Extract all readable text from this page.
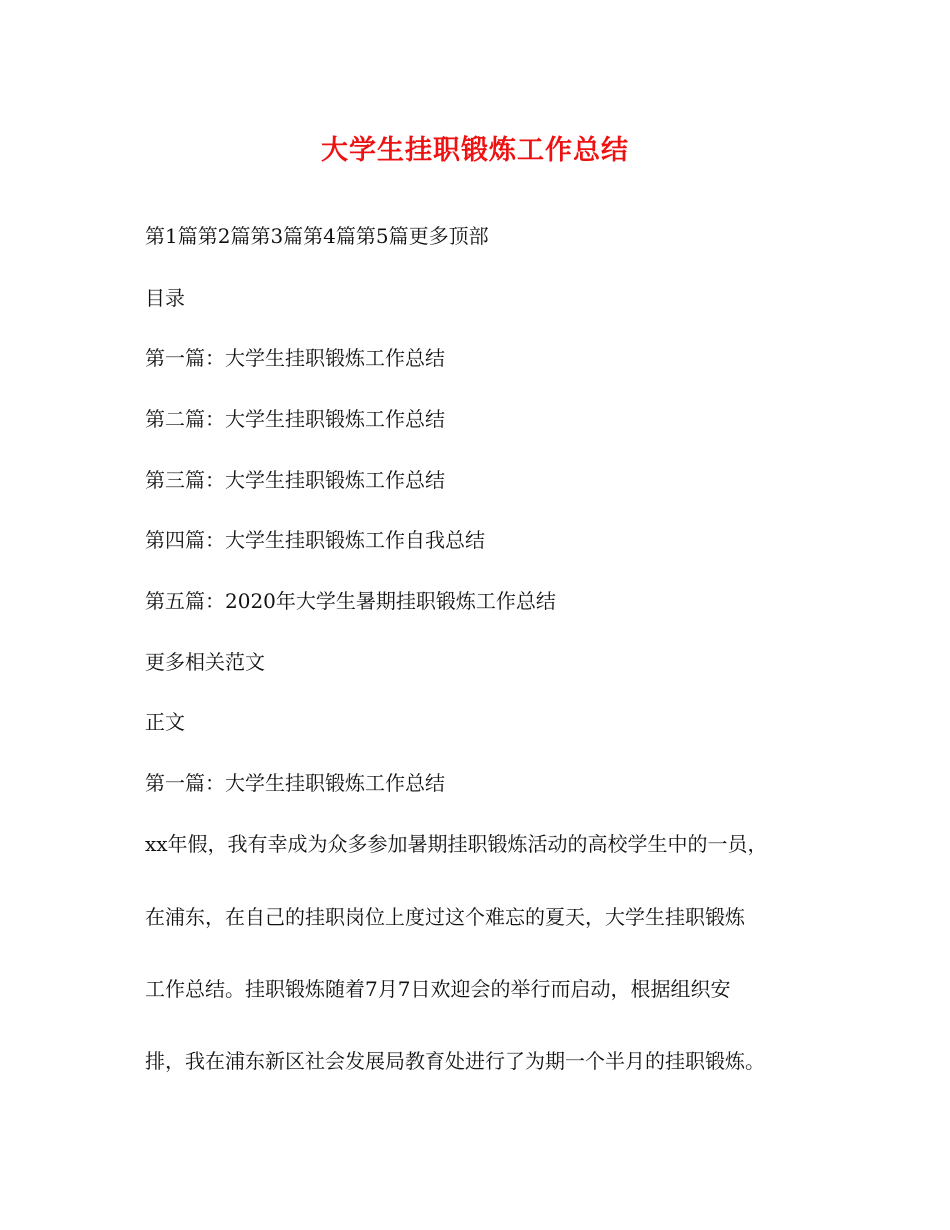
大学生挂职锻炼工作总结
第1篇第2篇第3篇第4篇第5篇更多顶部
目录
第一篇：大学生挂职锻炼工作总结
第二篇：大学生挂职锻炼工作总结
第三篇：大学生挂职锻炼工作总结
第四篇：大学生挂职锻炼工作自我总结
第五篇：2020年大学生暑期挂职锻炼工作总结
更多相关范文
正文
第一篇：大学生挂职锻炼工作总结
xx年假，我有幸成为众多参加暑期挂职锻炼活动的高校学生中的一员，
在浦东，在自己的挂职岗位上度过这个难忘的夏天，大学生挂职锻炼
工作总结。挂职锻炼随着7月7日欢迎会的举行而启动，根据组织安
排，我在浦东新区社会发展局教育处进行了为期一个半月的挂职锻炼。
